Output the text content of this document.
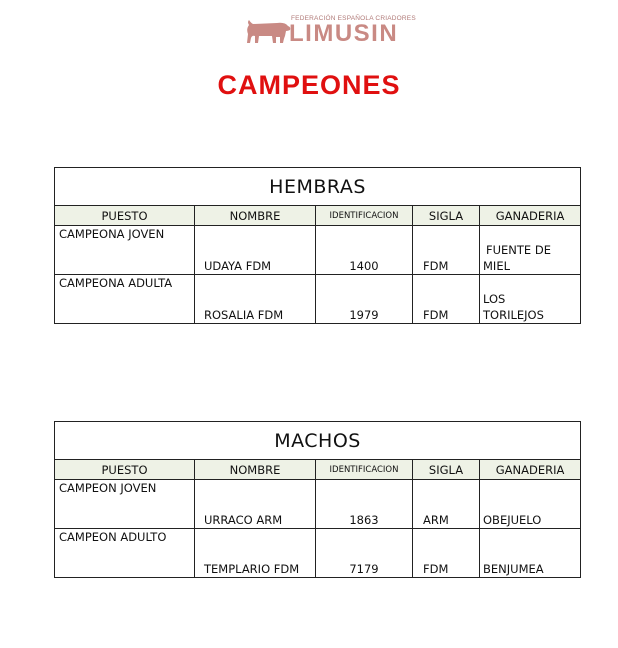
FEDERACIÓN ESPAÑOLA CRIADORES
LIMUSIN
CAMPEONES
HEMBRAS				
PUESTO	NOMBRE	IDENTIFICACION	SIGLA	GANADERIA
CAMPEONA JOVEN	UDAYA FDM	1400	FDM	FUENTE DE
MIEL

CAMPEONA ADULTA	ROSALIA FDM	1979	FDM	LOS
TORILEJOS
MACHOS				
PUESTO	NOMBRE	IDENTIFICACION	SIGLA	GANADERIA
CAMPEON JOVEN	URRACO ARM	1863	ARM	OBEJUELO
CAMPEON ADULTO	TEMPLARIO FDM	7179	FDM	BENJUMEA
